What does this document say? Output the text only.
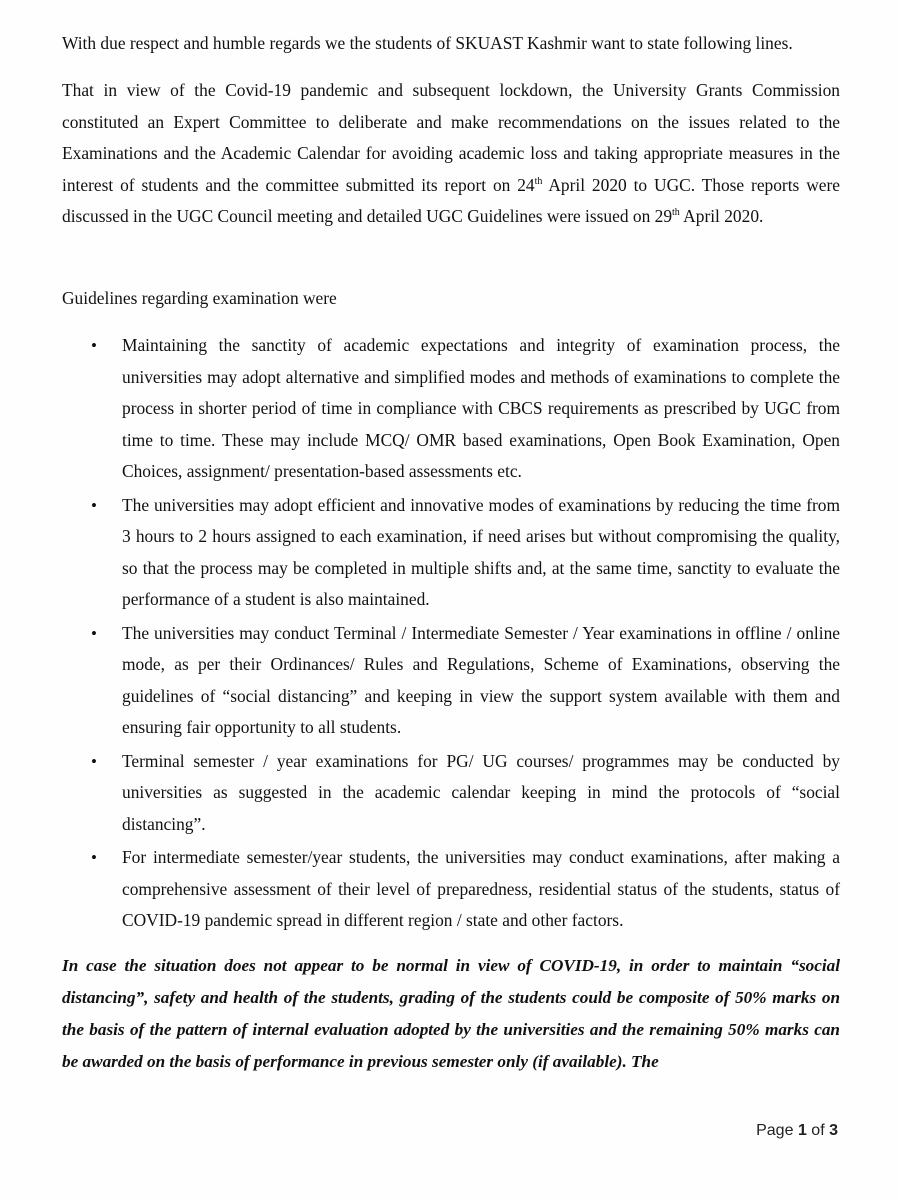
With due respect and humble regards we the students of SKUAST Kashmir want to state following lines.

That in view of the Covid-19 pandemic and subsequent lockdown, the University Grants Commission constituted an Expert Committee to deliberate and make recommendations on the issues related to the Examinations and the Academic Calendar for avoiding academic loss and taking appropriate measures in the interest of students and the committee submitted its report on 24th April 2020 to UGC. Those reports were discussed in the UGC Council meeting and detailed UGC Guidelines were issued on 29th April 2020.

Guidelines regarding examination were

• Maintaining the sanctity of academic expectations and integrity of examination process, the universities may adopt alternative and simplified modes and methods of examinations to complete the process in shorter period of time in compliance with CBCS requirements as prescribed by UGC from time to time. These may include MCQ/ OMR based examinations, Open Book Examination, Open Choices, assignment/ presentation-based assessments etc.
• The universities may adopt efficient and innovative modes of examinations by reducing the time from 3 hours to 2 hours assigned to each examination, if need arises but without compromising the quality, so that the process may be completed in multiple shifts and, at the same time, sanctity to evaluate the performance of a student is also maintained.
• The universities may conduct Terminal / Intermediate Semester / Year examinations in offline / online mode, as per their Ordinances/ Rules and Regulations, Scheme of Examinations, observing the guidelines of “social distancing” and keeping in view the support system available with them and ensuring fair opportunity to all students.
• Terminal semester / year examinations for PG/ UG courses/ programmes may be conducted by universities as suggested in the academic calendar keeping in mind the protocols of “social distancing”.
• For intermediate semester/year students, the universities may conduct examinations, after making a comprehensive assessment of their level of preparedness, residential status of the students, status of COVID-19 pandemic spread in different region / state and other factors.

In case the situation does not appear to be normal in view of COVID-19, in order to maintain “social distancing”, safety and health of the students, grading of the students could be composite of 50% marks on the basis of the pattern of internal evaluation adopted by the universities and the remaining 50% marks can be awarded on the basis of performance in previous semester only (if available). The

Page 1 of 3
